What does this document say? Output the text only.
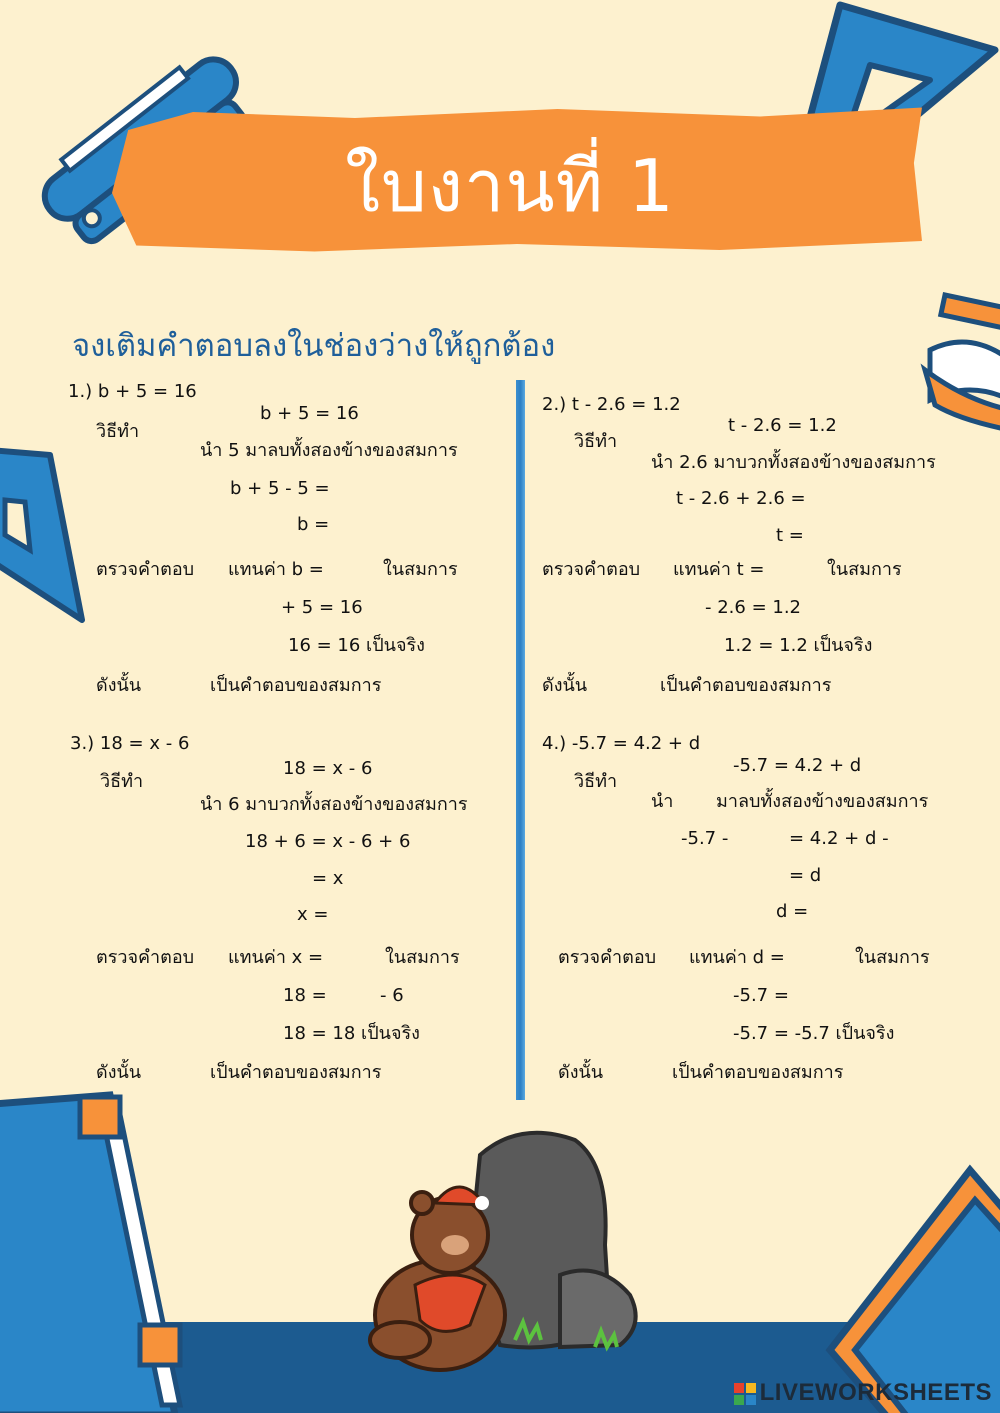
ใบงานที่ 1
จงเติมคำตอบลงในช่องว่างให้ถูกต้อง
1.) b + 5 = 16
วิธีทำ
b + 5 = 16
นำ 5 มาลบทั้งสองข้างของสมการ
b + 5 - 5 =
b =
ตรวจคำตอบ แทนค่า b =	ในสมการ
+ 5 = 16
16 = 16 เป็นจริง
ดังนั้น	เป็นคำตอบของสมการ
2.) t - 2.6 = 1.2
วิธีทำ
t - 2.6 = 1.2
นำ 2.6 มาบวกทั้งสองข้างของสมการ
t - 2.6 + 2.6 =
t =
ตรวจคำตอบ แทนค่า t =	ในสมการ
- 2.6 = 1.2
1.2 = 1.2 เป็นจริง
ดังนั้น	เป็นคำตอบของสมการ
3.) 18 = x - 6
วิธีทำ
18 = x - 6
นำ 6 มาบวกทั้งสองข้างของสมการ
18 + 6 = x - 6 + 6
= x
x =
ตรวจคำตอบ แทนค่า x =	ในสมการ
18 =	- 6
18 = 18 เป็นจริง
ดังนั้น	เป็นคำตอบของสมการ
4.) -5.7 = 4.2 + d
วิธีทำ
-5.7 = 4.2 + d
นำ มาลบทั้งสองข้างของสมการ
-5.7 -	= 4.2 + d -
= d
d =
ตรวจคำตอบ แทนค่า d =	ในสมการ
-5.7 =
-5.7 = -5.7 เป็นจริง
ดังนั้น	เป็นคำตอบของสมการ
LIVEWORKSHEETS
